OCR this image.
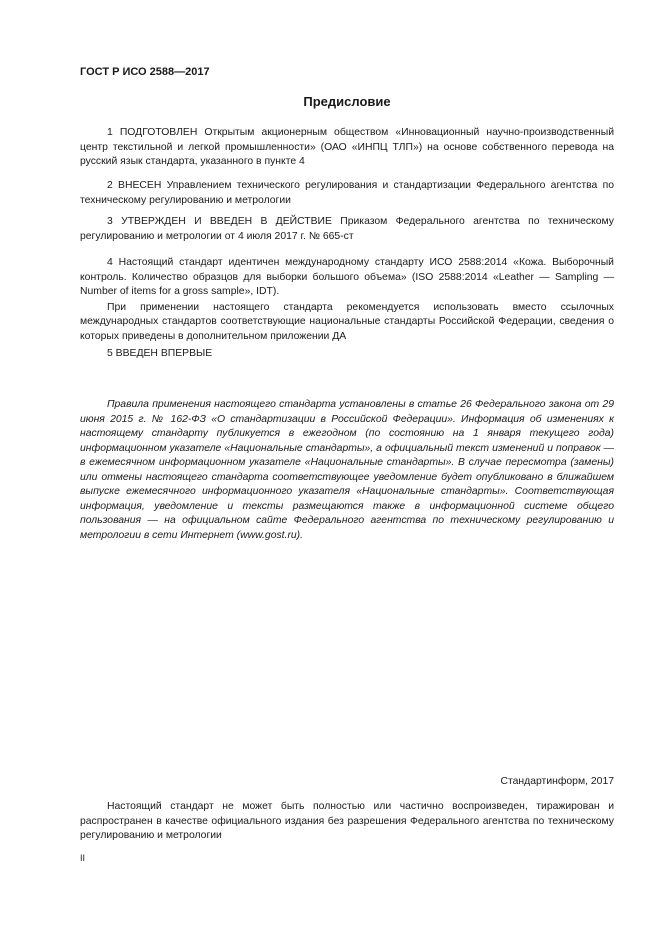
ГОСТ Р ИСО 2588—2017
Предисловие

1 ПОДГОТОВЛЕН Открытым акционерным обществом «Инновационный научно-производственный центр текстильной и легкой промышленности» (ОАО «ИНПЦ ТЛП») на основе собственного перевода на русский язык стандарта, указанного в пункте 4

2 ВНЕСЕН Управлением технического регулирования и стандартизации Федерального агентства по техническому регулированию и метрологии

3 УТВЕРЖДЕН И ВВЕДЕН В ДЕЙСТВИЕ Приказом Федерального агентства по техническому регулированию и метрологии от 4 июля 2017 г. № 665-ст

4 Настоящий стандарт идентичен международному стандарту ИСО 2588:2014 «Кожа. Выборочный контроль. Количество образцов для выборки большого объема» (ISO 2588:2014 «Leather — Sampling — Number of items for a gross sample», IDT).

При применении настоящего стандарта рекомендуется использовать вместо ссылочных международных стандартов соответствующие национальные стандарты Российской Федерации, сведения о которых приведены в дополнительном приложении ДА

5 ВВЕДЕН ВПЕРВЫЕ

Правила применения настоящего стандарта установлены в статье 26 Федерального закона от 29 июня 2015 г. № 162-ФЗ «О стандартизации в Российской Федерации». Информация об изменениях к настоящему стандарту публикуется в ежегодном (по состоянию на 1 января текущего года) информационном указателе «Национальные стандарты», а официальный текст изменений и поправок — в ежемесячном информационном указателе «Национальные стандарты». В случае пересмотра (замены) или отмены настоящего стандарта соответствующее уведомление будет опубликовано в ближайшем выпуске ежемесячного информационного указателя «Национальные стандарты». Соответствующая информация, уведомление и тексты размещаются также в информационной системе общего пользования — на официальном сайте Федерального агентства по техническому регулированию и метрологии в сети Интернет (www.gost.ru).

Стандартинформ, 2017

Настоящий стандарт не может быть полностью или частично воспроизведен, тиражирован и распространен в качестве официального издания без разрешения Федерального агентства по техническому регулированию и метрологии

II
